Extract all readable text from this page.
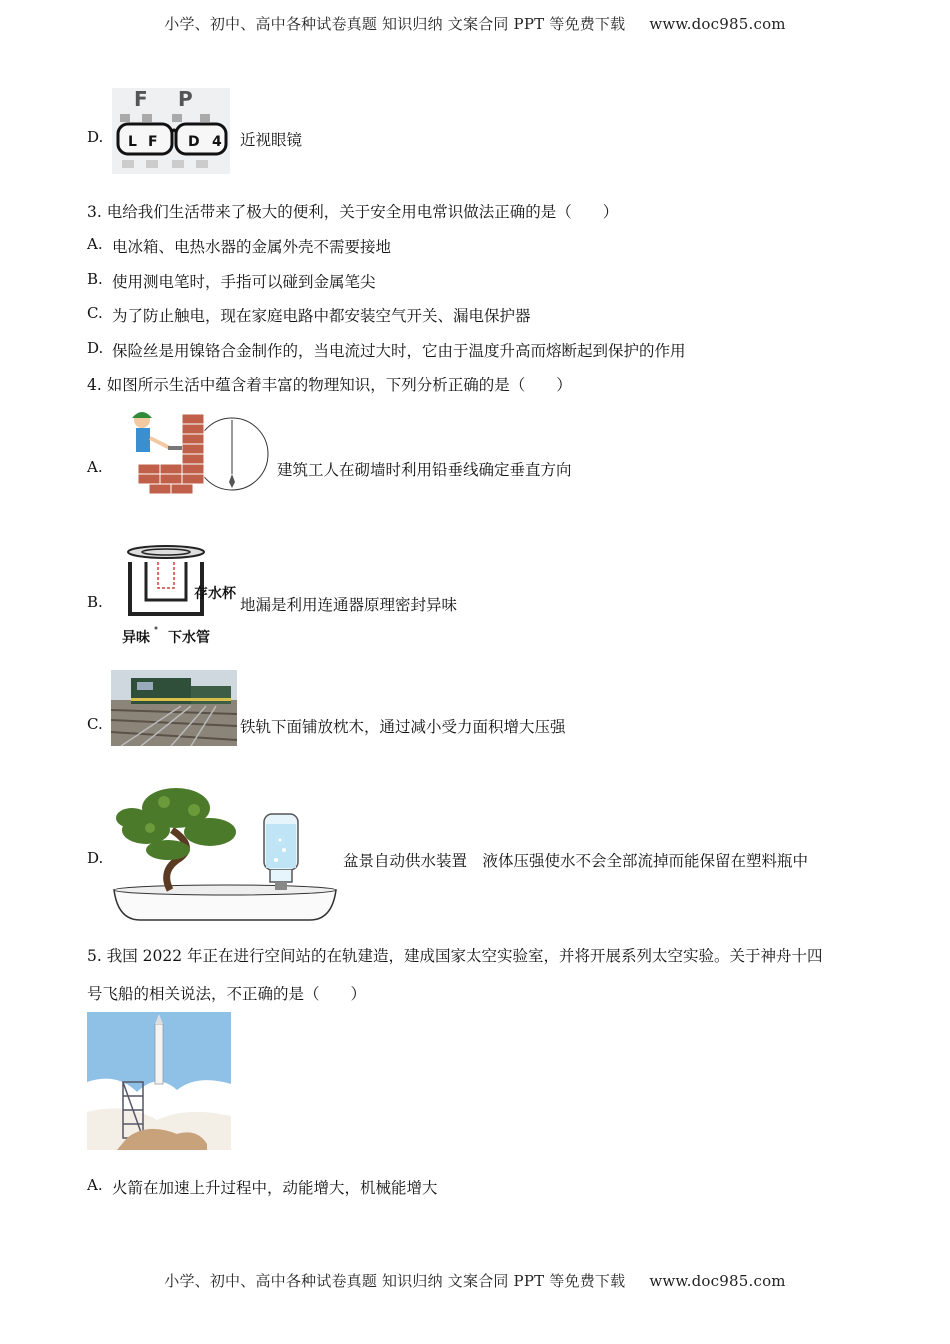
小学、初中、高中各种试卷真题 知识归纳 文案合同 PPT 等免费下载 www.doc985.com
D.
F P
L F D 4 近视眼镜
3. 电给我们生活带来了极大的便利，关于安全用电常识做法正确的是（　　）
A. 电冰箱、电热水器的金属外壳不需要接地
B. 使用测电笔时，手指可以碰到金属笔尖
C. 为了防止触电，现在家庭电路中都安装空气开关、漏电保护器
D. 保险丝是用镍铬合金制作的，当电流过大时，它由于温度升高而熔断起到保护的作用
4. 如图所示生活中蕴含着丰富的物理知识，下列分析正确的是（　　）
A.	建筑工人在砌墙时利用铅垂线确定垂直方向
B.	存水杯
异味 下水管
地漏是利用连通器原理密封异味
C.	铁轨下面铺放枕木，通过减小受力面积增大压强
D.	盆景自动供水装置　液体压强使水不会全部流掉而能保留在塑料瓶中
5. 我国 2022 年正在进行空间站的在轨建造，建成国家太空实验室，并将开展系列太空实验。关于神舟十四
号飞船的相关说法，不正确的是（　　）
A. 火箭在加速上升过程中，动能增大，机械能增大
小学、初中、高中各种试卷真题 知识归纳 文案合同 PPT 等免费下载 www.doc985.com
